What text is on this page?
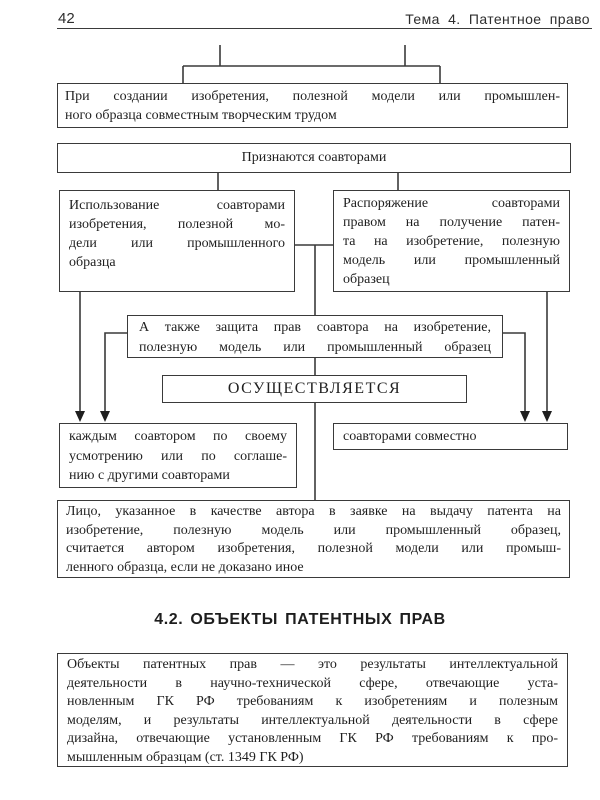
42	Тема 4. Патентное право
При создании изобретения, полезной модели или промышлен-
ного образца совместным творческим трудом
Признаются соавторами
Использование соавторами
изобретения, полезной мо-
дели или промышленного
образца
Распоряжение соавторами
правом на получение патен-
та на изобретение, полезную
модель или промышленный
образец
А также защита прав соавтора на изобретение,
полезную модель или промышленный образец
ОСУЩЕСТВЛЯЕТСЯ
каждым соавтором по своему
усмотрению или по соглаше-
нию с другими соавторами
соавторами совместно
Лицо, указанное в качестве автора в заявке на выдачу патента на
изобретение, полезную модель или промышленный образец,
считается автором изобретения, полезной модели или промыш-
ленного образца, если не доказано иное
4.2. ОБЪЕКТЫ ПАТЕНТНЫХ ПРАВ
Объекты патентных прав — это результаты интеллектуальной
деятельности в научно-технической сфере, отвечающие уста-
новленным ГК РФ требованиям к изобретениям и полезным
моделям, и результаты интеллектуальной деятельности в сфере
дизайна, отвечающие установленным ГК РФ требованиям к про-
мышленным образцам (ст. 1349 ГК РФ)
